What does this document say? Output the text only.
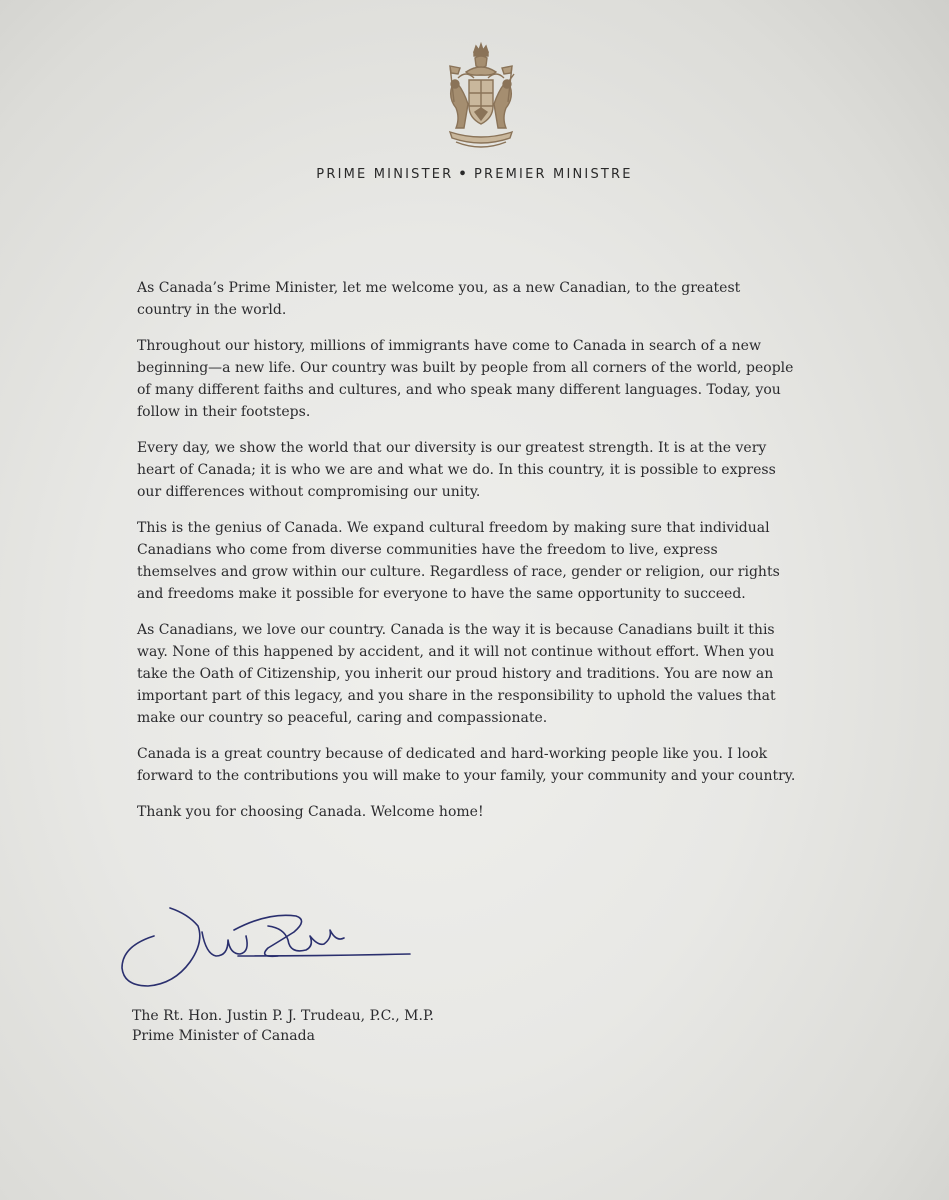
PRIME MINISTER • PREMIER MINISTRE

As Canada’s Prime Minister, let me welcome you, as a new Canadian, to the greatest country in the world.

Throughout our history, millions of immigrants have come to Canada in search of a new beginning—a new life. Our country was built by people from all corners of the world, people of many different faiths and cultures, and who speak many different languages. Today, you follow in their footsteps.

Every day, we show the world that our diversity is our greatest strength. It is at the very heart of Canada; it is who we are and what we do. In this country, it is possible to express our differences without compromising our unity.

This is the genius of Canada. We expand cultural freedom by making sure that individual Canadians who come from diverse communities have the freedom to live, express themselves and grow within our culture. Regardless of race, gender or religion, our rights and freedoms make it possible for everyone to have the same opportunity to succeed.

As Canadians, we love our country. Canada is the way it is because Canadians built it this way. None of this happened by accident, and it will not continue without effort. When you take the Oath of Citizenship, you inherit our proud history and traditions. You are now an important part of this legacy, and you share in the responsibility to uphold the values that make our country so peaceful, caring and compassionate.

Canada is a great country because of dedicated and hard-working people like you. I look forward to the contributions you will make to your family, your community and your country.

Thank you for choosing Canada. Welcome home!

The Rt. Hon. Justin P. J. Trudeau, P.C., M.P.
Prime Minister of Canada
